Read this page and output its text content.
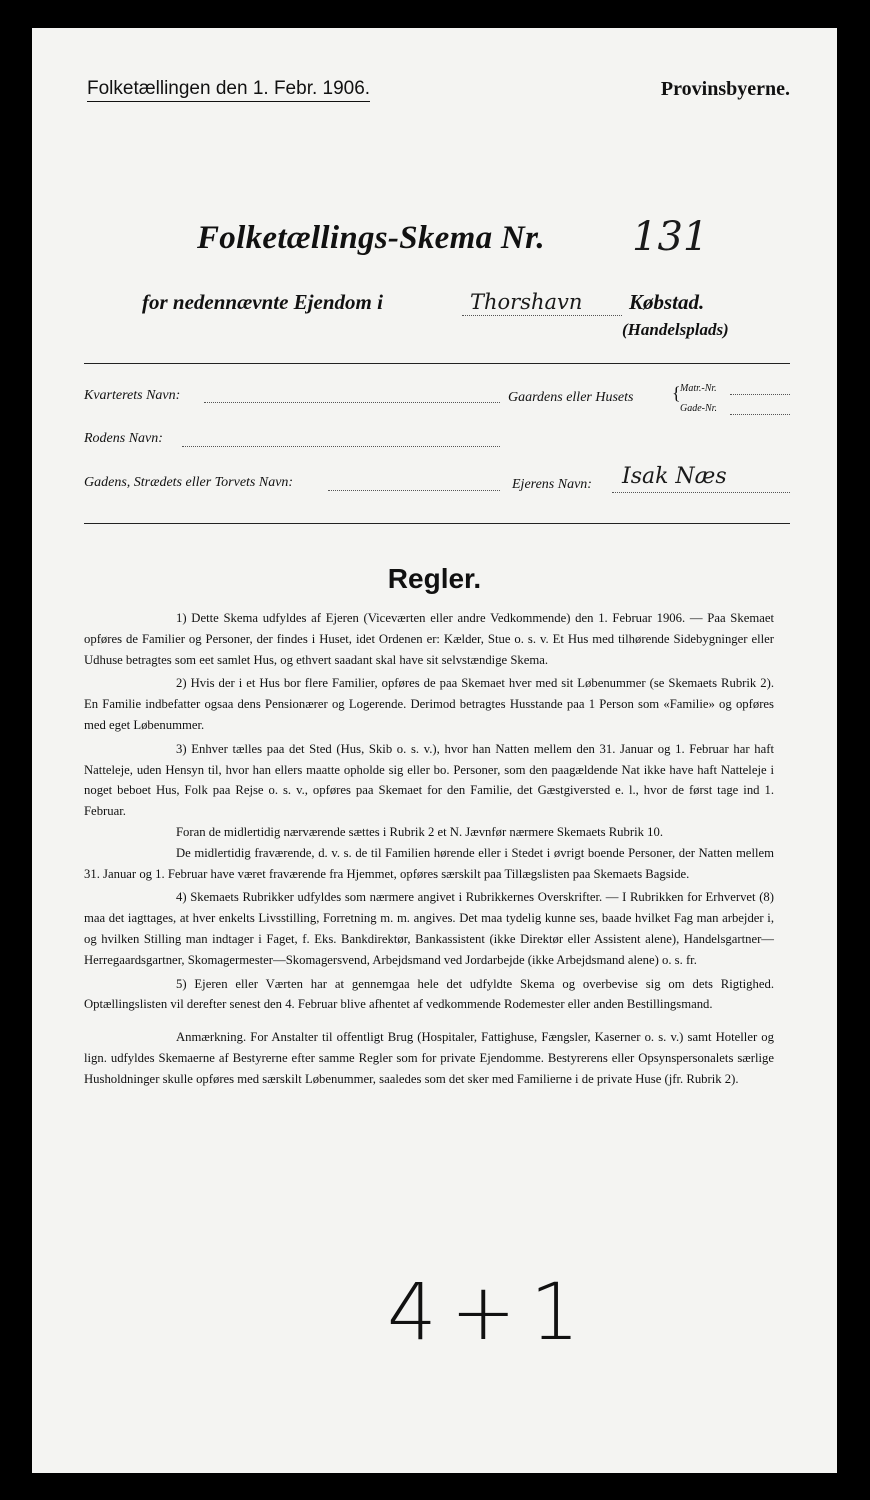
Folketællingen den 1. Febr. 1906.	Provinsbyerne.
Folketællings-Skema Nr. 131
for nedennævnte Ejendom i	Thorshavn Købstad.
(Handelsplads)
Kvarterets Navn:	Gaardens eller Husets { Matr.-Nr.
Gade-Nr.
Rodens Navn:
Gadens, Strædets eller Torvets Navn:	Ejerens Navn: Isak Næs
Regler.

1) Dette Skema udfyldes af Ejeren (Viceværten eller andre Vedkommende) den 1. Februar 1906. — Paa Skemaet opføres de Familier og Personer, der findes i Huset, idet Ordenen er: Kælder, Stue o. s. v. Et Hus med tilhørende Sidebygninger eller Udhuse betragtes som eet samlet Hus, og ethvert saadant skal have sit selvstændige Skema.

2) Hvis der i et Hus bor flere Familier, opføres de paa Skemaet hver med sit Løbenummer (se Skemaets Rubrik 2). En Familie indbefatter ogsaa dens Pensionærer og Logerende. Derimod betragtes Husstande paa 1 Person som «Familie» og opføres med eget Løbenummer.

3) Enhver tælles paa det Sted (Hus, Skib o. s. v.), hvor han Natten mellem den 31. Januar og 1. Februar har haft Natteleje, uden Hensyn til, hvor han ellers maatte opholde sig eller bo. Personer, som den paagældende Nat ikke have haft Natteleje i noget beboet Hus, Folk paa Rejse o. s. v., opføres paa Skemaet for den Familie, det Gæstgiversted e. l., hvor de først tage ind 1. Februar.

Foran de midlertidig nærværende sættes i Rubrik 2 et N. Jævnfør nærmere Skemaets Rubrik 10.

De midlertidig fraværende, d. v. s. de til Familien hørende eller i Stedet i øvrigt boende Personer, der Natten mellem 31. Januar og 1. Februar have været fraværende fra Hjemmet, opføres særskilt paa Tillægslisten paa Skemaets Bagside.

4) Skemaets Rubrikker udfyldes som nærmere angivet i Rubrikkernes Overskrifter. — I Rubrikken for Erhvervet (8) maa det iagttages, at hver enkelts Livsstilling, Forretning m. m. angives. Det maa tydelig kunne ses, baade hvilket Fag man arbejder i, og hvilken Stilling man indtager i Faget, f. Eks. Bankdirektør, Bankassistent (ikke Direktør eller Assistent alene), Handelsgartner— Herregaardsgartner, Skomagermester—Skomagersvend, Arbejdsmand ved Jordarbejde (ikke Arbejdsmand alene) o. s. fr.

5) Ejeren eller Værten har at gennemgaa hele det udfyldte Skema og overbevise sig om dets Rigtighed. Optællingslisten vil derefter senest den 4. Februar blive afhentet af vedkommende Rodemester eller anden Bestillingsmand.

Anmærkning. For Anstalter til offentligt Brug (Hospitaler, Fattighuse, Fængsler, Kaserner o. s. v.) samt Hoteller og lign. udfyldes Skemaerne af Bestyrerne efter samme Regler som for private Ejendomme. Bestyrerens eller Opsynspersonalets særlige Husholdninger skulle opføres med særskilt Løbenummer, saaledes som det sker med Familierne i de private Huse (jfr. Rubrik 2).

4+1
